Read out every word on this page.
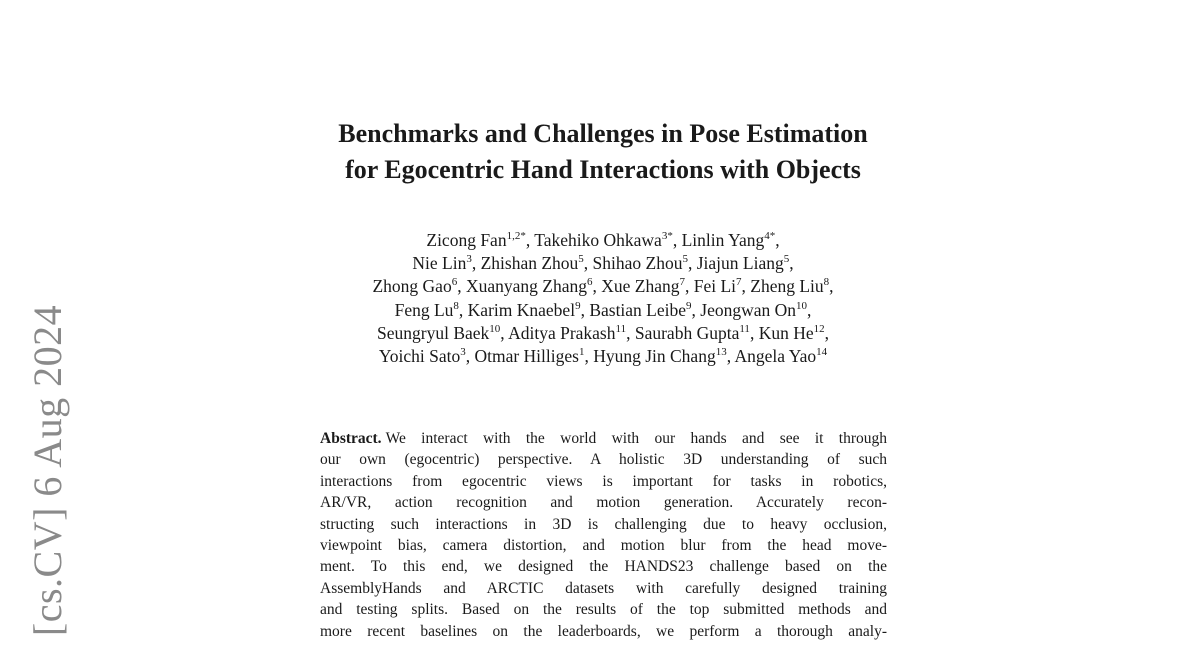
[cs.CV] 6 Aug 2024
Benchmarks and Challenges in Pose Estimation
for Egocentric Hand Interactions with Objects
Zicong Fan$^{1,2*}$, Takehiko Ohkawa$^{3*}$, Linlin Yang$^{4*}$,
Nie Lin$^3$, Zhishan Zhou$^5$, Shihao Zhou$^5$, Jiajun Liang$^5$,
Zhong Gao$^6$, Xuanyang Zhang$^6$, Xue Zhang$^7$, Fei Li$^7$, Zheng Liu$^8$,
Feng Lu$^8$, Karim Knaebel$^9$, Bastian Leibe$^9$, Jeongwan On$^{10}$,
Seungryul Baek$^{10}$, Aditya Prakash$^{11}$, Saurabh Gupta$^{11}$, Kun He$^{12}$,
Yoichi Sato$^3$, Otmar Hilliges$^1$, Hyung Jin Chang$^{13}$, Angela Yao$^{14}$
Abstract. We interact with the world with our hands and see it through
our own (egocentric) perspective. A holistic 3D understanding of such
interactions from egocentric views is important for tasks in robotics,
AR/VR, action recognition and motion generation. Accurately recon-
structing such interactions in 3D is challenging due to heavy occlusion,
viewpoint bias, camera distortion, and motion blur from the head move-
ment. To this end, we designed the HANDS23 challenge based on the
AssemblyHands and ARCTIC datasets with carefully designed training
and testing splits. Based on the results of the top submitted methods and
more recent baselines on the leaderboards, we perform a thorough analy-
